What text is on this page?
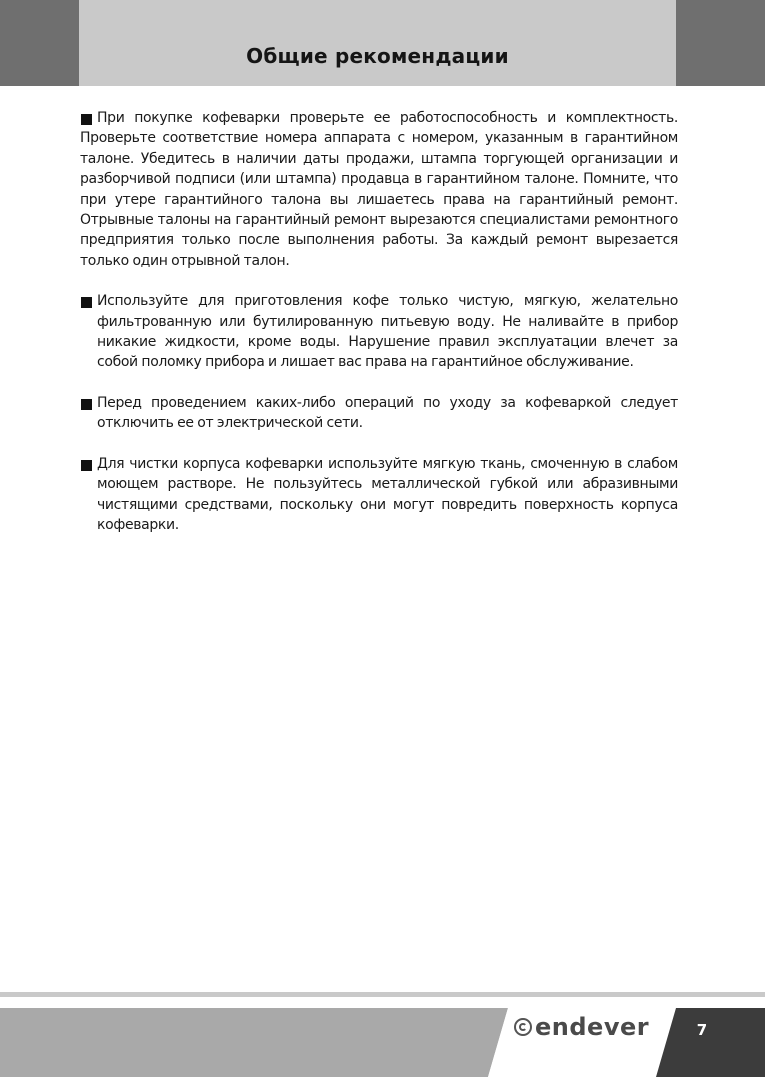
Общие рекомендации

При покупке кофеварки проверьте ее работоспособность и комплектность. Проверьте соответствие номера аппарата с номером, указанным в гарантийном талоне. Убедитесь в наличии даты продажи, штампа торгующей организации и разборчивой подписи (или штампа) продавца в гарантийном талоне. Помните, что при утере гарантийного талона вы лишаетесь права на гарантийный ремонт. Отрывные талоны на гарантийный ремонт вырезаются специалистами ремонтного предприятия только после выполнения работы. За каждый ремонт вырезается только один отрывной талон.

Используйте для приготовления кофе только чистую, мягкую, желательно фильтрованную или бутилированную питьевую воду. Не наливайте в прибор никакие жидкости, кроме воды. Нарушение правил эксплуатации влечет за собой поломку прибора и лишает вас права на гарантийное обслуживание.

Перед проведением каких-либо операций по уходу за кофеваркой следует отключить ее от электрической сети.

Для чистки корпуса кофеварки используйте мягкую ткань, смоченную в слабом моющем растворе. Не пользуйтесь металлической губкой или абразивными чистящими средствами, поскольку они могут повредить поверхность корпуса кофеварки.

endever	7
